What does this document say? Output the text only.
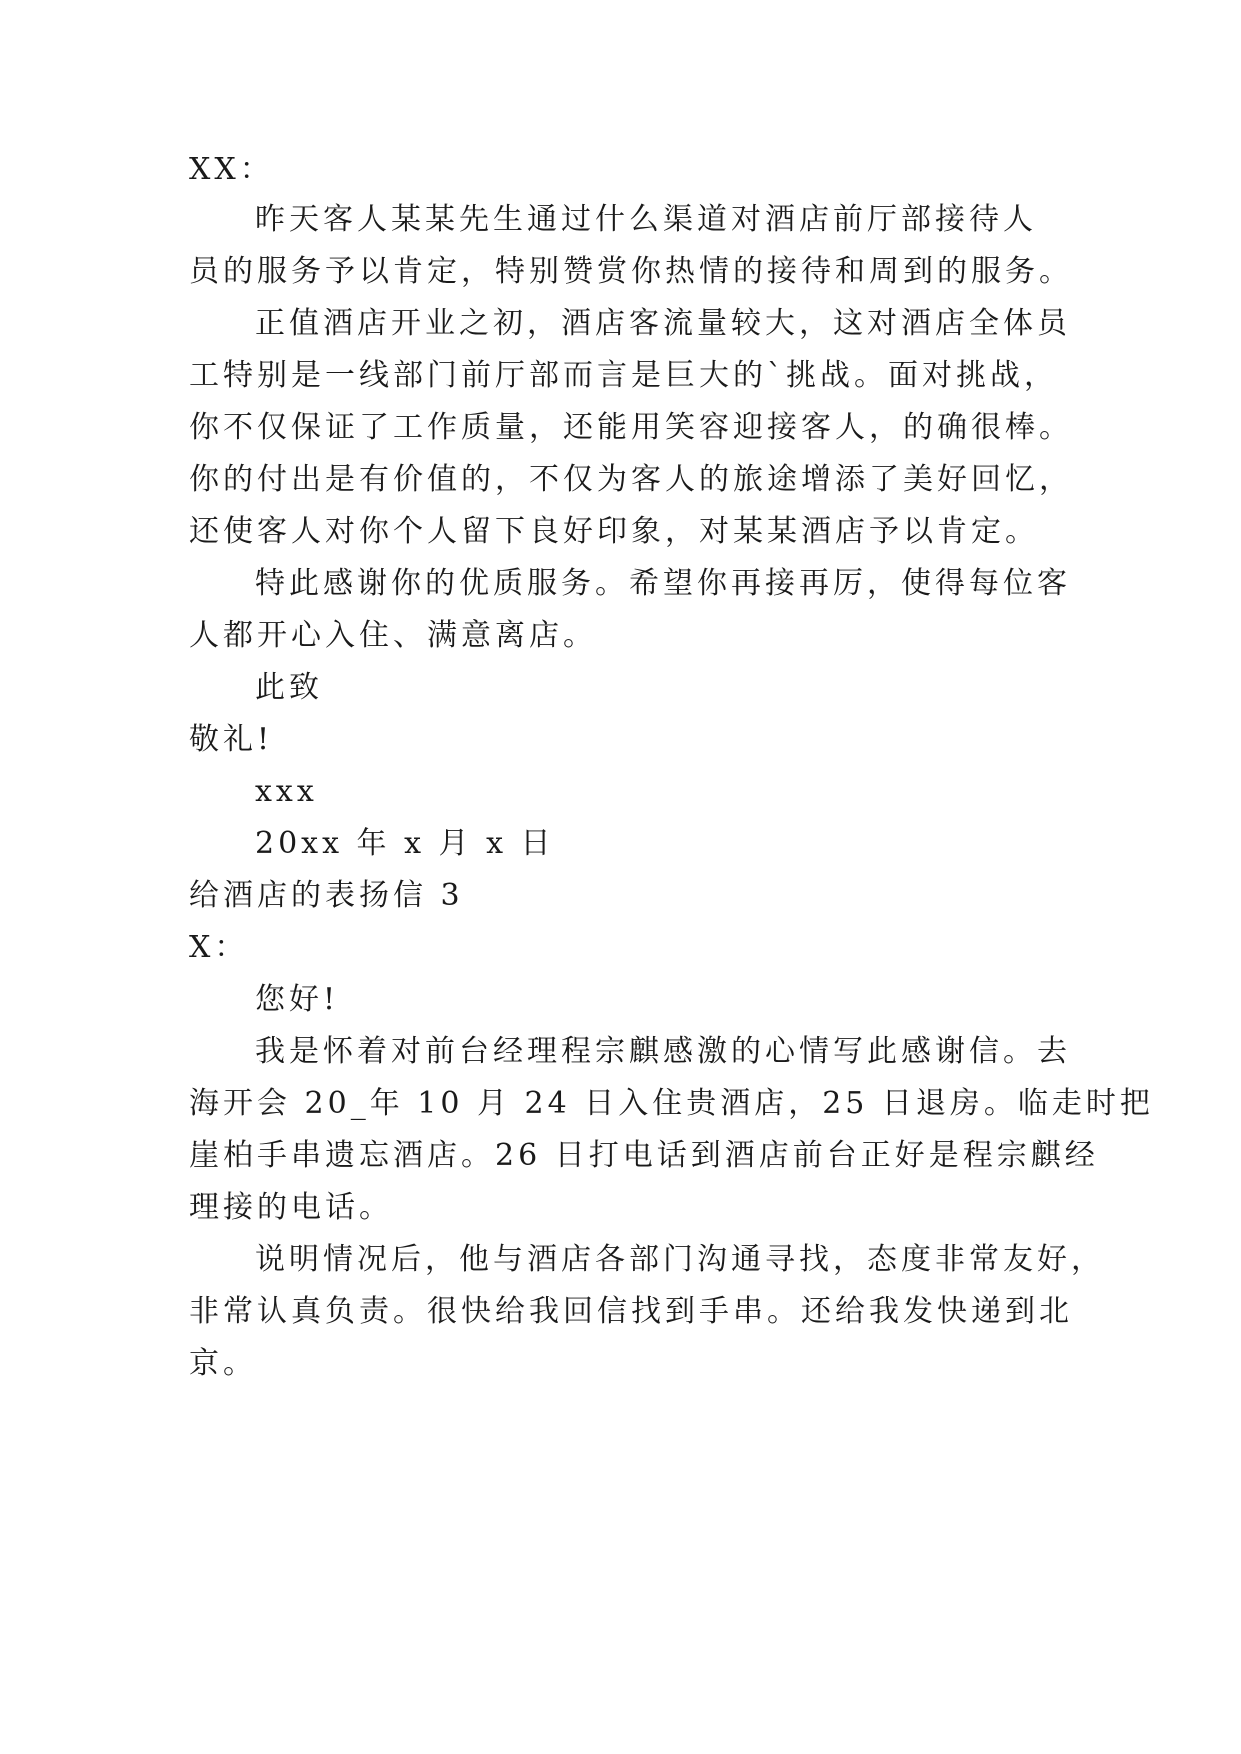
XX：
昨天客人某某先生通过什么渠道对酒店前厅部接待人
员的服务予以肯定，特别赞赏你热情的接待和周到的服务。
正值酒店开业之初，酒店客流量较大，这对酒店全体员
工特别是一线部门前厅部而言是巨大的`挑战。面对挑战，
你不仅保证了工作质量，还能用笑容迎接客人，的确很棒。
你的付出是有价值的，不仅为客人的旅途增添了美好回忆，
还使客人对你个人留下良好印象，对某某酒店予以肯定。
特此感谢你的优质服务。希望你再接再厉，使得每位客
人都开心入住、满意离店。
此致
敬礼!
xxx
20xx 年 x 月 x 日
给酒店的表扬信 3
X：
您好!
我是怀着对前台经理程宗麒感激的心情写此感谢信。去
海开会 20_年 10 月 24 日入住贵酒店，25 日退房。临走时把
崖柏手串遗忘酒店。26 日打电话到酒店前台正好是程宗麒经
理接的电话。
说明情况后，他与酒店各部门沟通寻找，态度非常友好，
非常认真负责。很快给我回信找到手串。还给我发快递到北
京。
